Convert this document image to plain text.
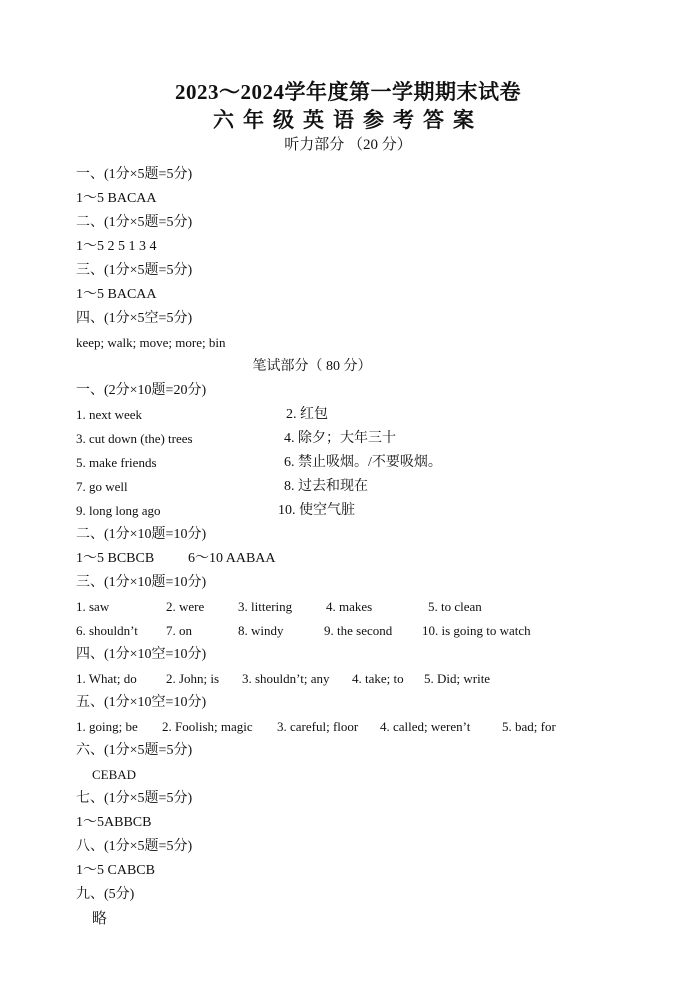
2023～2024学年度第一学期期末试卷
六年级英语参考答案
听力部分 （20 分）
一、(1分×5题=5分)
1～5 BACAA
二、(1分×5题=5分)
1～5 2 5 1 3 4
三、(1分×5题=5分)
1～5 BACAA
四、(1分×5空=5分)
keep; walk; move; more; bin
笔试部分（ 80 分）
一、(2分×10题=20分)
1. next week	2. 红包
3. cut down (the) trees	4. 除夕；大年三十
5. make friends	6. 禁止吸烟。/不要吸烟。
7. go well	8. 过去和现在
9. long long ago	10. 使空气脏
二、(1分×10题=10分)
1～5 BCBCB 6～10 AABAA
三、(1分×10题=10分)
1. saw	2. were	3. littering	4. makes	5. to clean
6. shouldn’t 7. on	8. windy	9. the second 10. is going to watch
四、(1分×10空=10分)
1. What; do 2. John; is 3. shouldn’t; any 4. take; to 5. Did; write
五、(1分×10空=10分)
1. going; be 2. Foolish; magic 3. careful; floor 4. called; weren’t 5. bad; for
六、(1分×5题=5分)
CEBAD
七、(1分×5题=5分)
1～5ABBCB
八、(1分×5题=5分)
1～5 CABCB
九、(5分)
略
